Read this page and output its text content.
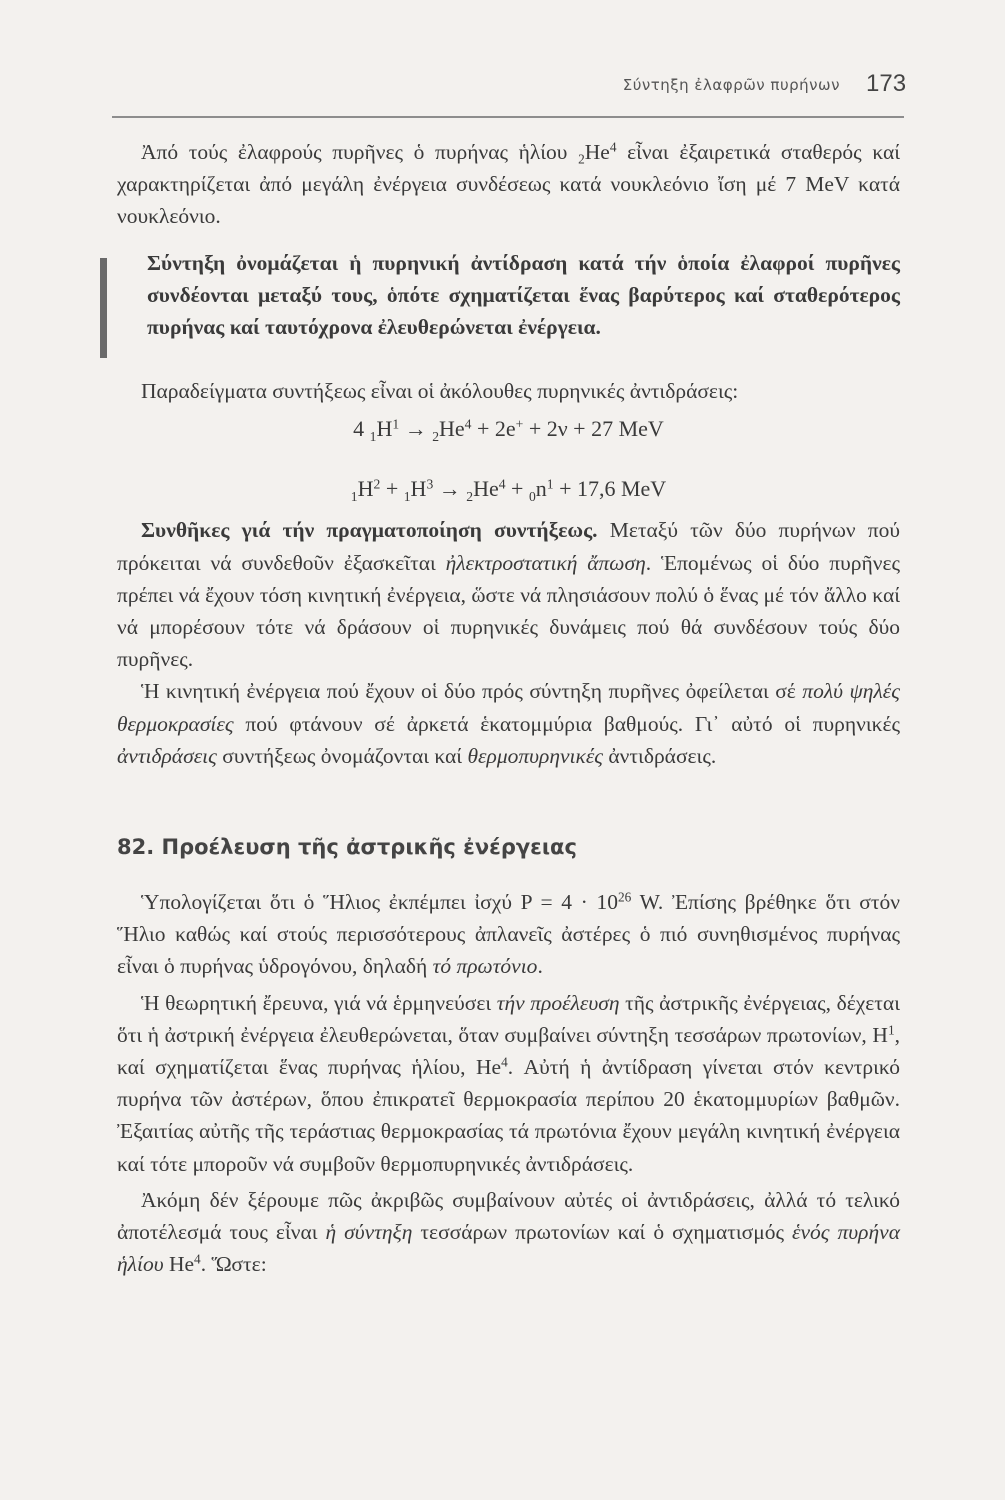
Σύντηξη ἐλαφρῶν πυρήνων 173

Ἀπό τούς ἐλαφρούς πυρῆνες ὁ πυρήνας ἡλίου $_2He^4$ εἶναι ἐξαιρετικά σταθερός καί χαρακτηρίζεται ἀπό μεγάλη ἐνέργεια συνδέσεως κατά νουκλεόνιο ἴση μέ 7 MeV κατά νουκλεόνιο.

Σύντηξη ὀνομάζεται ἡ πυρηνική ἀντίδραση κατά τήν ὁποία ἐλαφροί πυρῆνες συνδέονται μεταξύ τους, ὁπότε σχηματίζεται ἕνας βαρύτερος καί σταθερότερος πυρήνας καί ταυτόχρονα ἐλευθερώνεται ἐνέργεια.

Παραδείγματα συντήξεως εἶναι οἱ ἀκόλουθες πυρηνικές ἀντιδράσεις:

4 $_1H^1 \to _2He^4 + 2e^+ + 2\nu + 27$ MeV
$_1H^2 + _1H^3 \to _2He^4 + _0n^1 + 17,6$ MeV

Συνθῆκες γιά τήν πραγματοποίηση συντήξεως. Μεταξύ τῶν δύο πυρήνων πού πρόκειται νά συνδεθοῦν ἐξασκεῖται ἠλεκτροστατική ἄπωση. Ἑπομένως οἱ δύο πυρῆνες πρέπει νά ἔχουν τόση κινητική ἐνέργεια, ὥστε νά πλησιάσουν πολύ ὁ ἕνας μέ τόν ἄλλο καί νά μπορέσουν τότε νά δράσουν οἱ πυρηνικές δυνάμεις πού θά συνδέσουν τούς δύο πυρῆνες.

Ἡ κινητική ἐνέργεια πού ἔχουν οἱ δύο πρός σύντηξη πυρῆνες ὀφείλεται σέ πολύ ψηλές θερμοκρασίες πού φτάνουν σέ ἀρκετά ἑκατομμύρια βαθμούς. Γι᾽ αὐτό οἱ πυρηνικές ἀντιδράσεις συντήξεως ὀνομάζονται καί θερμοπυρηνικές ἀντιδράσεις.

82. Προέλευση τῆς ἀστρικῆς ἐνέργειας

Ὑπολογίζεται ὅτι ὁ Ἥλιος ἐκπέμπει ἰσχύ $P = 4 \cdot 10^{26}$ W. Ἐπίσης βρέθηκε ὅτι στόν Ἥλιο καθώς καί στούς περισσότερους ἀπλανεῖς ἀστέρες ὁ πιό συνηθισμένος πυρήνας εἶναι ὁ πυρήνας ὑδρογόνου, δηλαδή τό πρωτόνιο.

Ἡ θεωρητική ἔρευνα, γιά νά ἑρμηνεύσει τήν προέλευση τῆς ἀστρικῆς ἐνέργειας, δέχεται ὅτι ἡ ἀστρική ἐνέργεια ἐλευθερώνεται, ὅταν συμβαίνει σύντηξη τεσσάρων πρωτονίων, $H^1$, καί σχηματίζεται ἕνας πυρήνας ἡλίου, He$^4$. Αὐτή ἡ ἀντίδραση γίνεται στόν κεντρικό πυρήνα τῶν ἀστέρων, ὅπου ἐπικρατεῖ θερμοκρασία περίπου 20 ἑκατομμυρίων βαθμῶν. Ἐξαιτίας αὐτῆς τῆς τεράστιας θερμοκρασίας τά πρωτόνια ἔχουν μεγάλη κινητική ἐνέργεια καί τότε μποροῦν νά συμβοῦν θερμοπυρηνικές ἀντιδράσεις.

Ἀκόμη δέν ξέρουμε πῶς ἀκριβῶς συμβαίνουν αὐτές οἱ ἀντιδράσεις, ἀλλά τό τελικό ἀποτέλεσμά τους εἶναι ἡ σύντηξη τεσσάρων πρωτονίων καί ὁ σχηματισμός ἑνός πυρήνα ἡλίου He$^4$. Ὥστε:
